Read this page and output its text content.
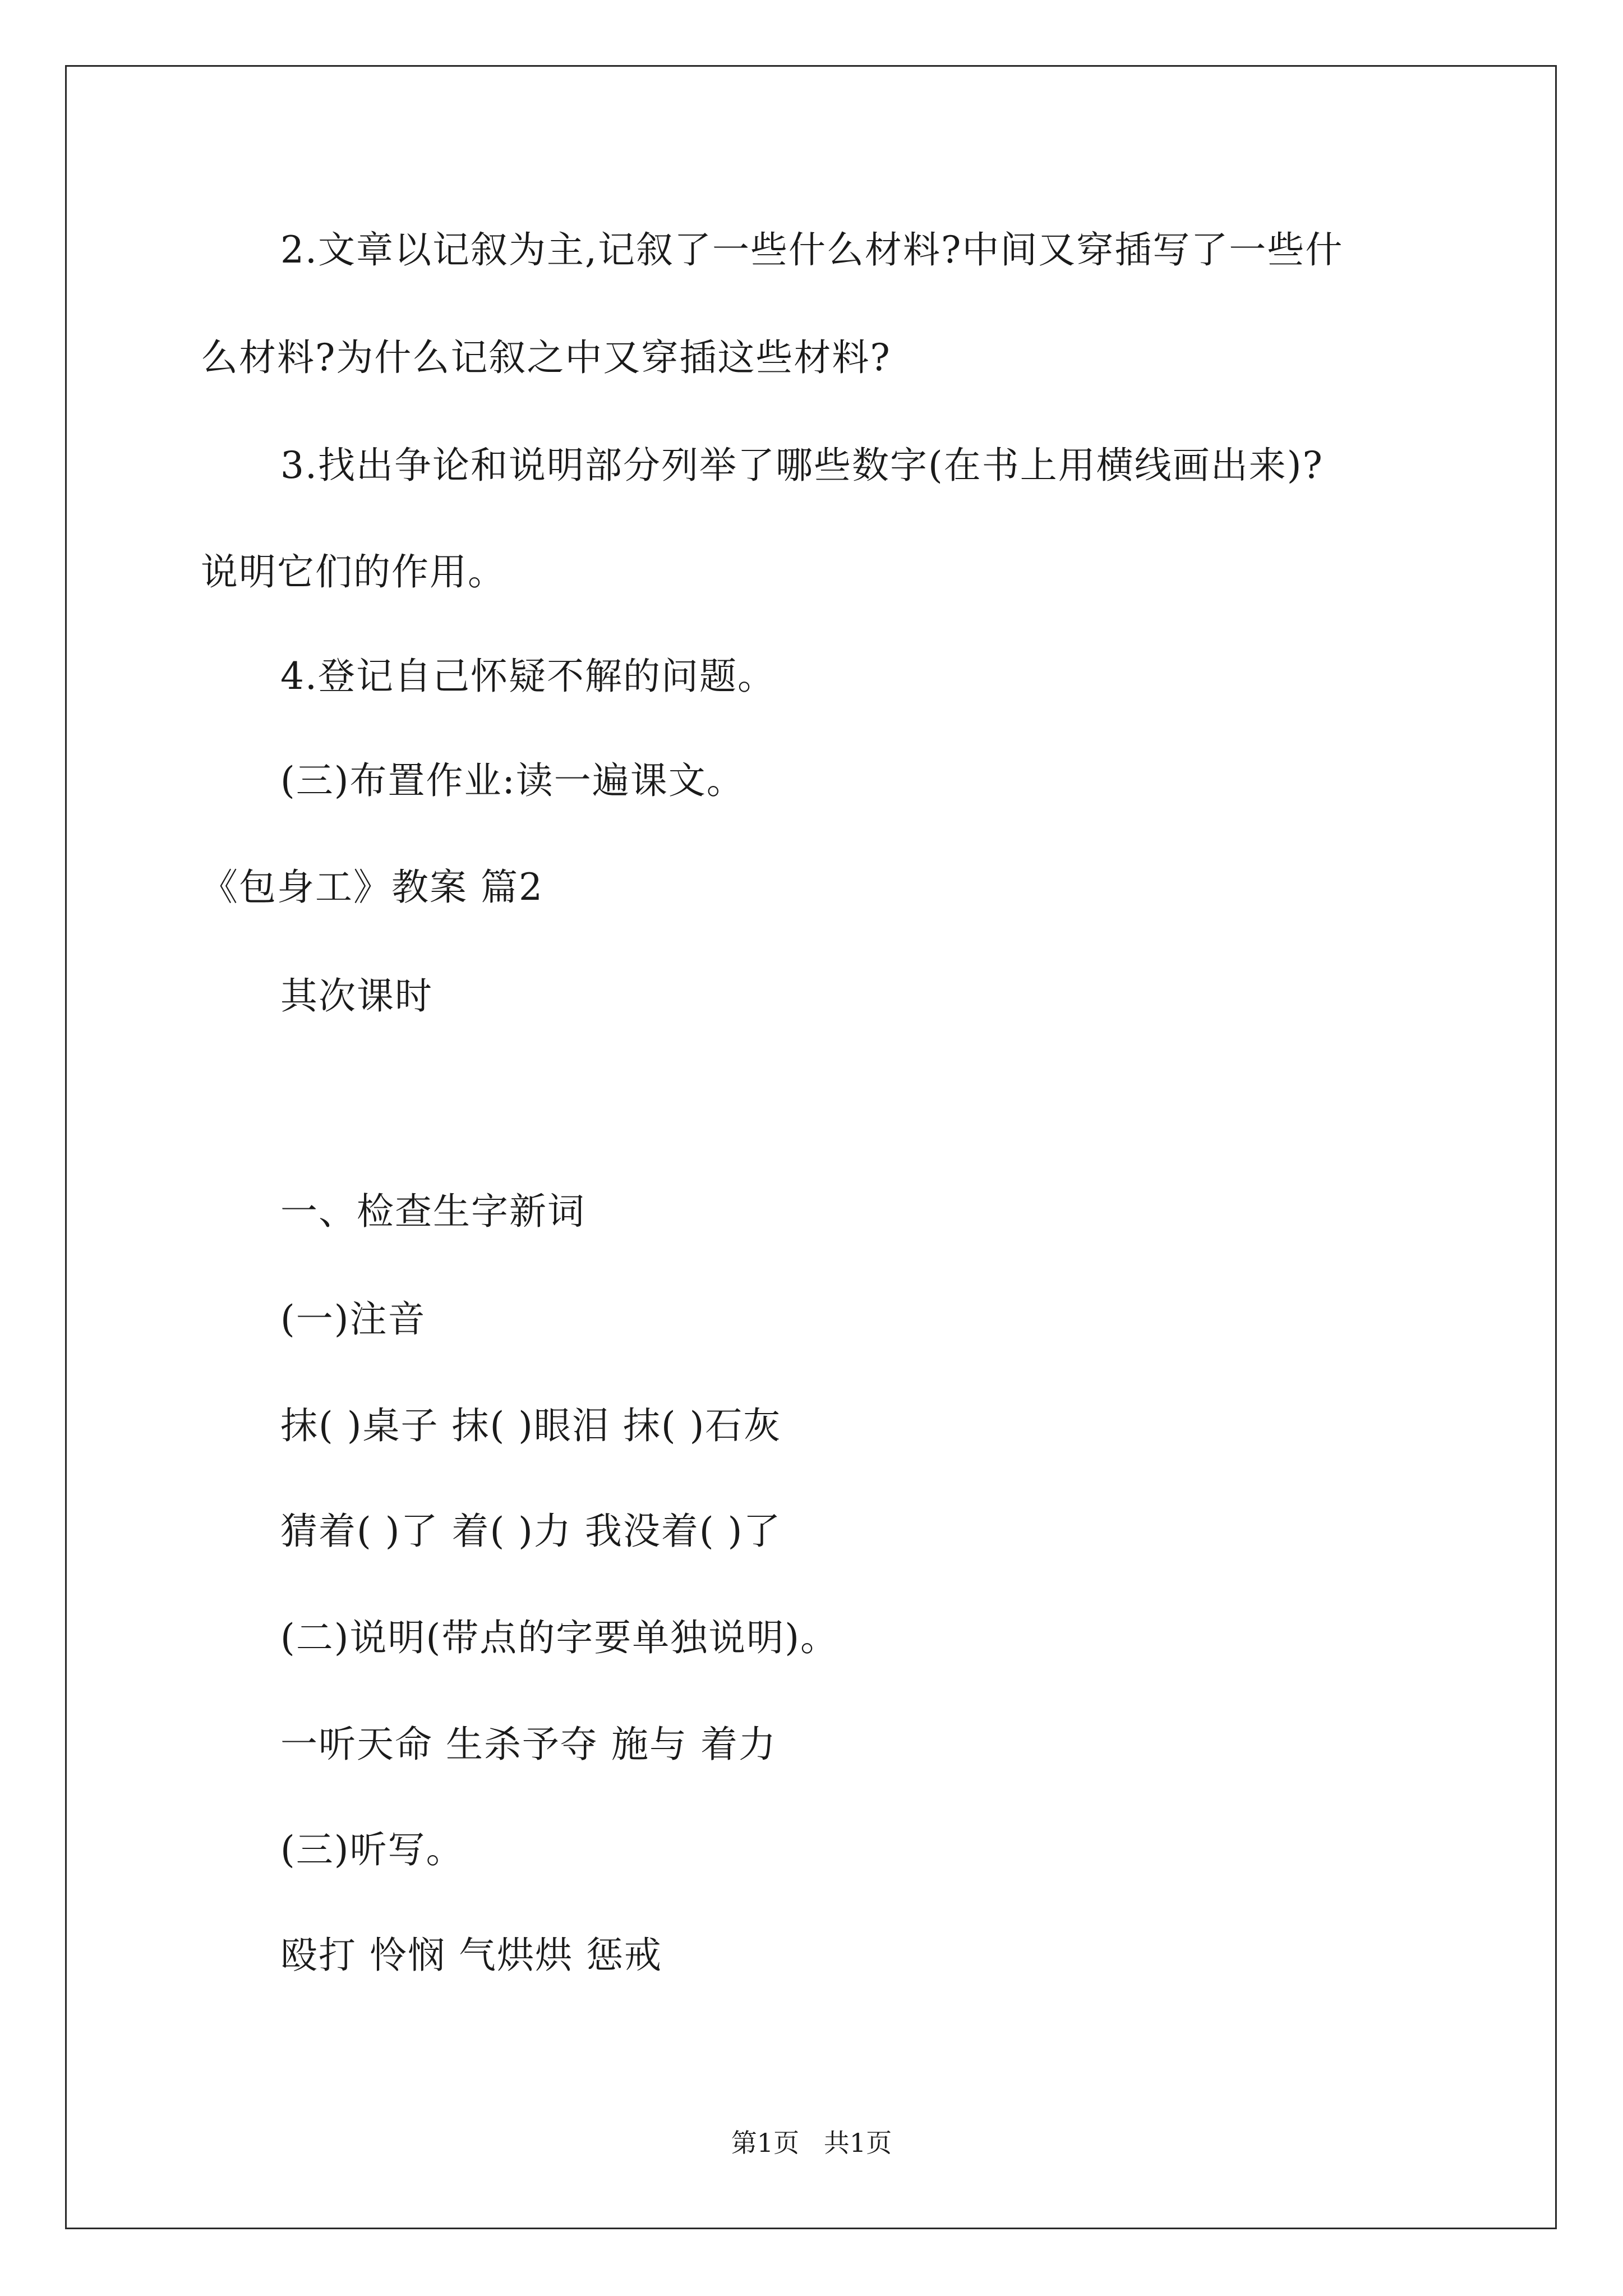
2.文章以记叙为主,记叙了一些什么材料?中间又穿插写了一些什
么材料?为什么记叙之中又穿插这些材料?
3.找出争论和说明部分列举了哪些数字(在书上用横线画出来)?
说明它们的作用。
4.登记自己怀疑不解的问题。
(三)布置作业:读一遍课文。
《包身工》教案 篇2
其次课时
一、检查生字新词
(一)注音
抹( )桌子 抹( )眼泪 抹( )石灰
猜着( )了 着( )力 我没着( )了
(二)说明(带点的字要单独说明)。
一听天命 生杀予夺 施与 着力
(三)听写。
殴打 怜悯 气烘烘 惩戒
第1页   共1页
